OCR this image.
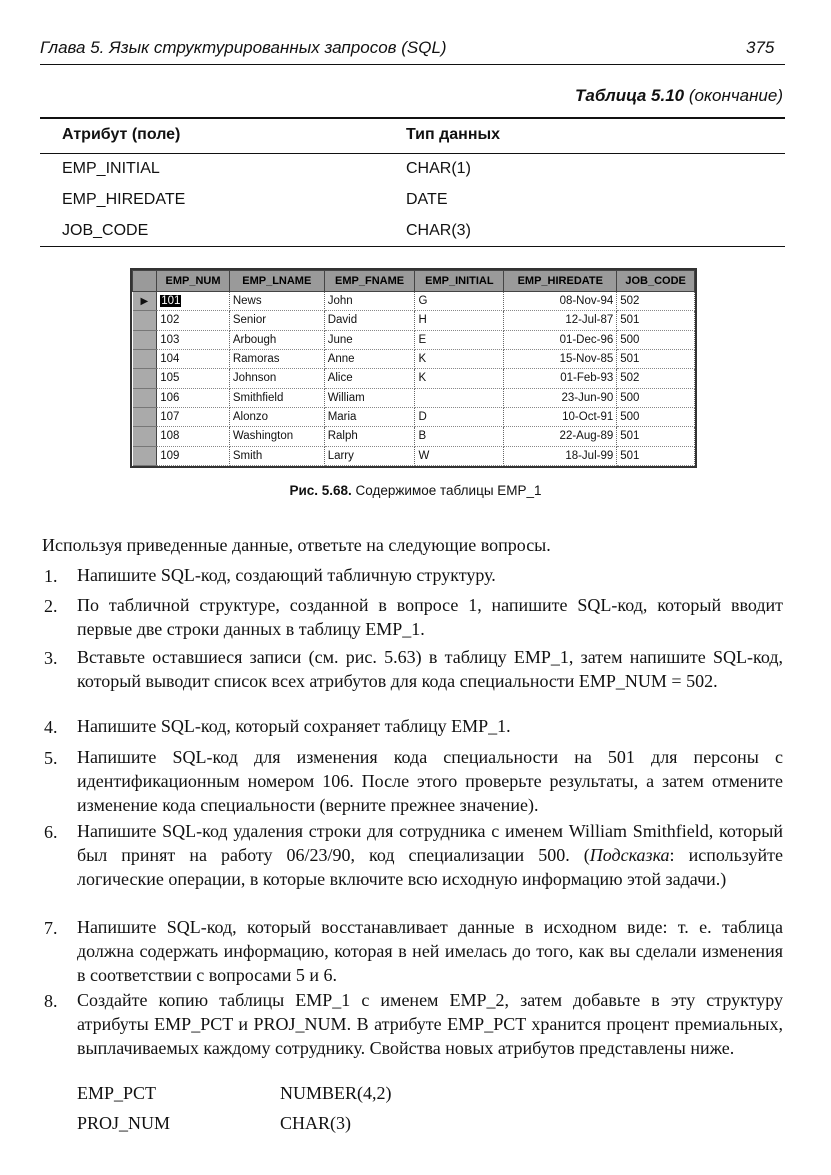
Глава 5. Язык структурированных запросов (SQL)	375
Таблица 5.10 (окончание)
Атрибут (поле)	Тип данных
EMP_INITIAL	CHAR(1)
EMP_HIREDATE	DATE
JOB_CODE	CHAR(3)
	EMP_NUM	EMP_LNAME	EMP_FNAME	EMP_INITIAL	EMP_HIREDATE	JOB_CODE
▶	101	News	John	G	08-Nov-94	502
	102	Senior	David	H	12-Jul-87	501
	103	Arbough	June	E	01-Dec-96	500
	104	Ramoras	Anne	K	15-Nov-85	501
	105	Johnson	Alice	K	01-Feb-93	502
	106	Smithfield	William		23-Jun-90	500
	107	Alonzo	Maria	D	10-Oct-91	500
	108	Washington	Ralph	B	22-Aug-89	501
	109	Smith	Larry	W	18-Jul-99	501
Рис. 5.68. Содержимое таблицы EMP_1
Используя приведенные данные, ответьте на следующие вопросы.
1. Напишите SQL-код, создающий табличную структуру.
2. По табличной структуре, созданной в вопросе 1, напишите SQL-код, который вводит первые две строки данных в таблицу EMP_1.
3. Вставьте оставшиеся записи (см. рис. 5.63) в таблицу EMP_1, затем напишите SQL-код, который выводит список всех атрибутов для кода специальности EMP_NUM = 502.
4. Напишите SQL-код, который сохраняет таблицу EMP_1.
5. Напишите SQL-код для изменения кода специальности на 501 для персоны с идентификационным номером 106. После этого проверьте результаты, а затем отмените изменение кода специальности (верните прежнее значение).
6. Напишите SQL-код удаления строки для сотрудника с именем William Smithfield, который был принят на работу 06/23/90, код специализации 500. (Подсказка: используйте логические операции, в которые включите всю исходную информацию этой задачи.)
7. Напишите SQL-код, который восстанавливает данные в исходном виде: т. е. таблица должна содержать информацию, которая в ней имелась до того, как вы сделали изменения в соответствии с вопросами 5 и 6.
8. Создайте копию таблицы EMP_1 с именем EMP_2, затем добавьте в эту структуру атрибуты EMP_PCT и PROJ_NUM. В атрибуте EMP_PCT хранится процент премиальных, выплачиваемых каждому сотруднику. Свойства новых атрибутов представлены ниже.
EMP_PCT	NUMBER(4,2)
PROJ_NUM	CHAR(3)
